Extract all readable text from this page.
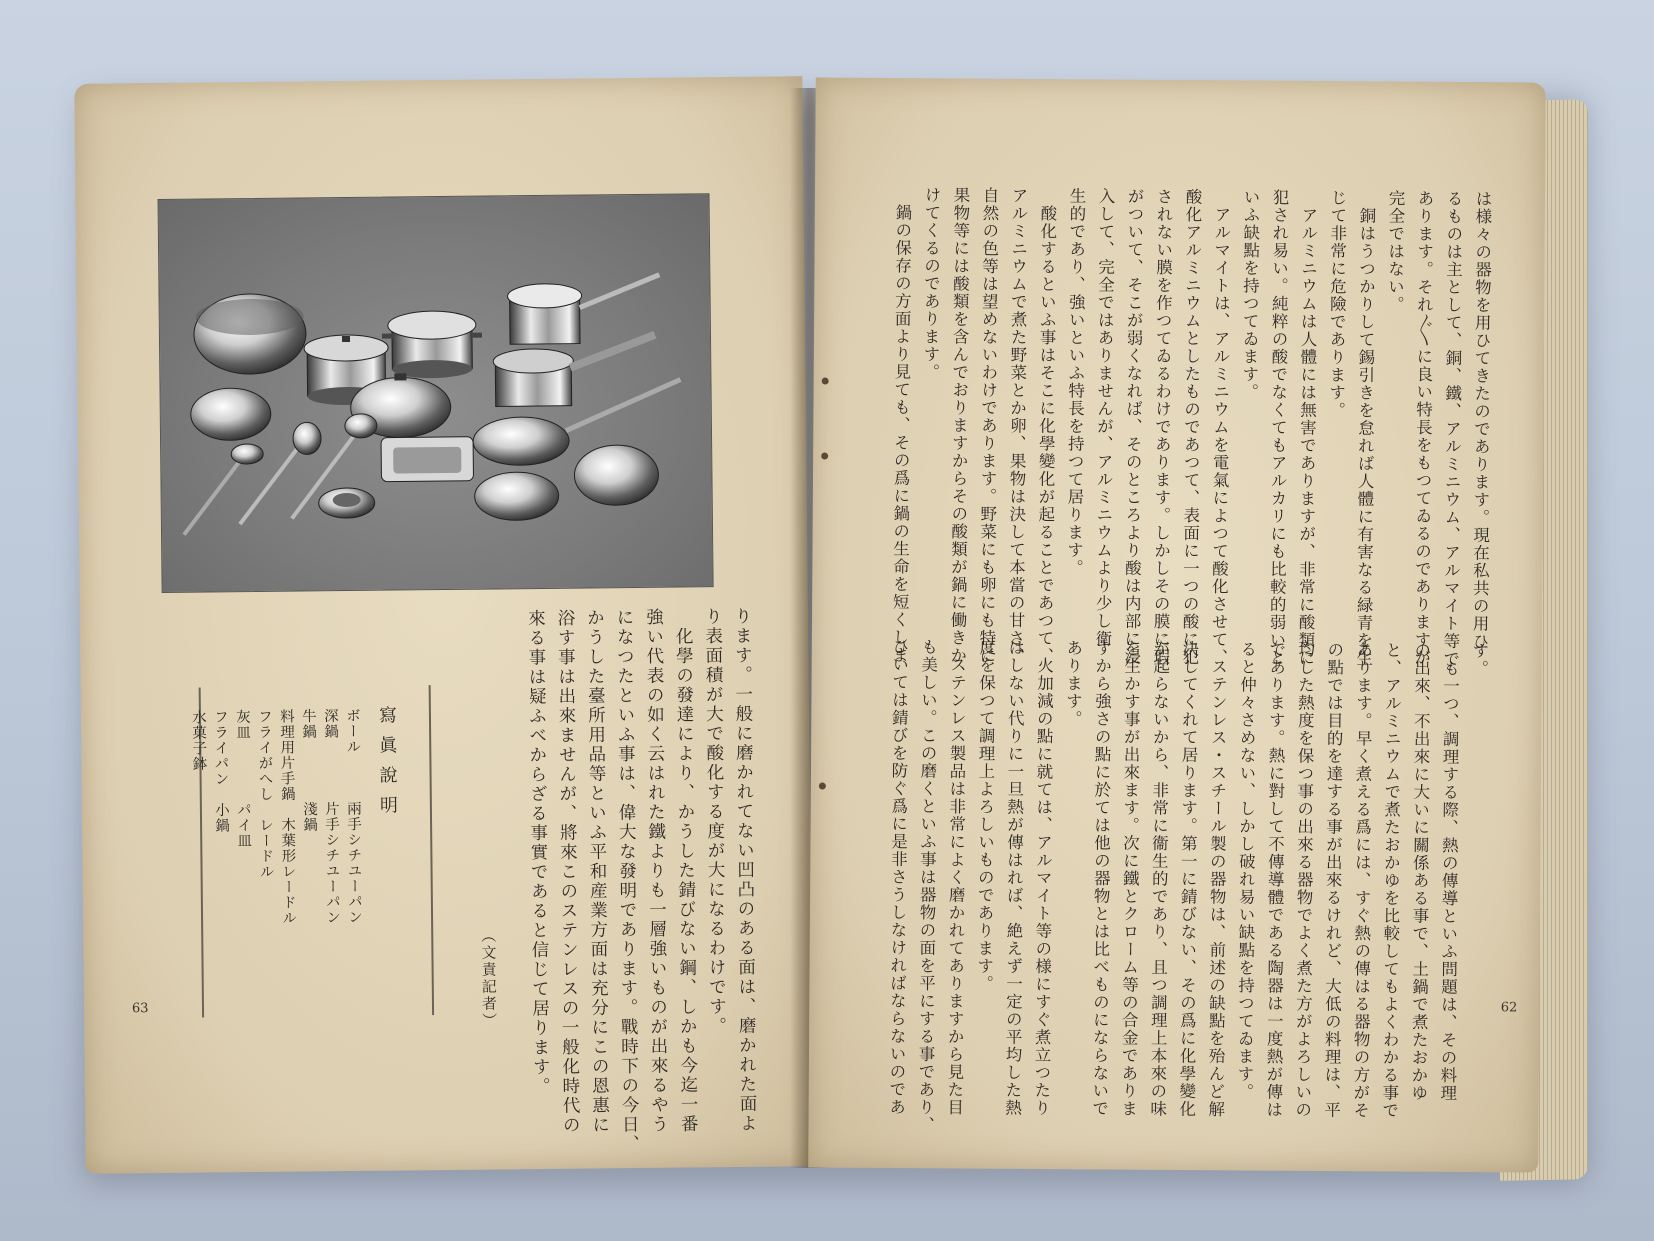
寫眞說明
ボール　　　兩手シチユーパン
深鍋　　　　片手シチユーパン
牛鍋　　　　淺鍋
料理用片手鍋　木葉形レードル
フライがへし　レードル
灰皿　　　　パイ皿
フライパン　小鍋
水菓子鉢	ります。一般に磨かれてない凹凸のある面は、磨かれた面よ

り表面積が大で酸化する度が大になるわけです。

　化學の發達により、かうした錆びない鋼、しかも今迄一番

強い代表の如く云はれた鐵よりも一層強いものが出來るやう

になつたといふ事は、偉大な發明であります。戰時下の今日、

かうした臺所用品等といふ平和産業方面は充分にこの恩惠に

浴す事は出來ませんが、將來このステンレスの一般化時代の

來る事は疑ふべからざる事實であると信じて居ります。

（文責記者）
63

は様々の器物を用ひてきたのであります。現在私共の用ひ

るものは主として、銅、鐵、アルミニウム、アルマイト等で

あります。それ〴〵に良い特長をもつてゐるのでありますが

完全ではない。

　銅はうつかりして錫引きを怠れば人體に有害なる緑青を生

じて非常に危險であります。

　アルミニウムは人體には無害でありますが、非常に酸類に

犯され易い。純粹の酸でなくてもアルカリにも比較的弱いと

いふ缺點を持つてゐます。

　アルマイトは、アルミニウムを電氣によつて酸化させて、

酸化アルミニウムとしたものであつて、表面に一つの酸に犯

されない膜を作つてゐるわけであります。しかしその膜に瑕

がついて、そこが弱くなれば、そのところより酸は内部に浸

入して、完全ではありませんが、アルミニウムより少し衛

生的であり、強いといふ特長を持つて居ります。

　酸化するといふ事はそこに化學變化が起ることであつて、

アルミニウムで煮た野菜とか卵、果物は決して本當の甘さ、

自然の色等は望めないわけであります。野菜にも卵にも特に

果物等には酸類を含んでおりますからその酸類が鍋に働きか

けてくるのであります。

　鍋の保存の方面より見ても、その爲に鍋の生命を短くしま	す。

　も一つ、調理する際、熱の傳導といふ問題は、その料理

の出來、不出來に大いに關係ある事で、土鍋で煮たおかゆ

と、アルミニウムで煮たおかゆを比較してもよくわかる事で

あります。早く煮える爲には、すぐ熱の傳はる器物の方がそ

の點では目的を達する事が出來るけれど、大低の料理は、平

均した熱度を保つ事の出來る器物でよく煮た方がよろしいの

であります。熱に對して不傳導體である陶器は一度熱が傳は

ると仲々さめない、しかし破れ易い缺點を持つてゐます。

　ステンレス・スチール製の器物は、前述の缺點を殆んど解

決してくれて居ります。第一に錆びない、その爲に化學變化

が起らないから、非常に衞生的であり、且つ調理上本來の味

を生かす事が出來ます。次に鐵とクローム等の合金でありま

すから強さの點に於ては他の器物とは比べものにならないで

あります。

　火加減の點に就ては、アルマイト等の様にすぐ煮立つたり

はしない代りに一旦熱が傳はれば、絶えず一定の平均した熱

度を保つて調理上よろしいものであります。

　ステンレス製品は非常によく磨かれてありますから見た目

も美しい。この磨くといふ事は器物の面を平にする事であり、

ひいては錆びを防ぐ爲に是非さうしなければならないのであ	62
